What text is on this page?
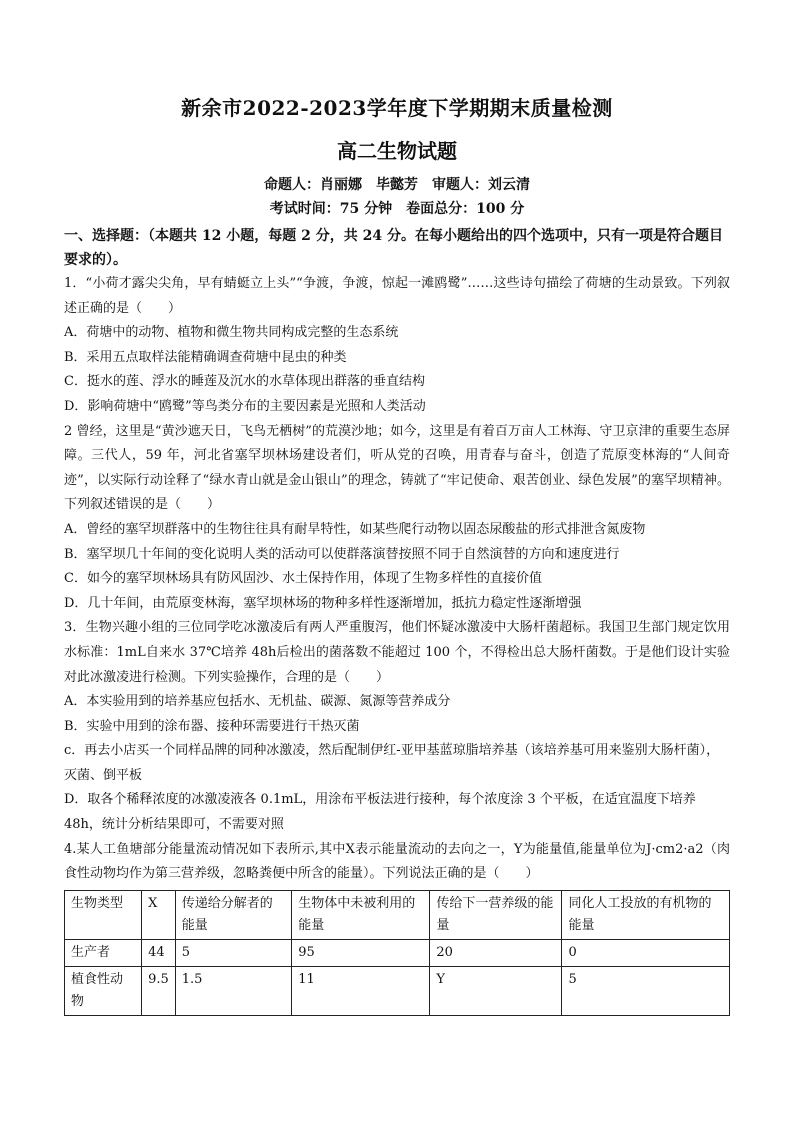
新余市2022-2023学年度下学期期末质量检测
高二生物试题

命题人：肖丽娜　毕懿芳　审题人：刘云清

考试时间：75 分钟　卷面总分：100 分

一、选择题：（本题共 12 小题，每题 2 分，共 24 分。在每小题给出的四个选项中，只有一项是符合题目要求的）。

1．“小荷才露尖尖角，早有蜻蜓立上头”“争渡，争渡，惊起一滩鸥鹭”……这些诗句描绘了荷塘的生动景致。下列叙述正确的是（　　）

A．荷塘中的动物、植物和微生物共同构成完整的生态系统

B．采用五点取样法能精确调查荷塘中昆虫的种类

C．挺水的莲、浮水的睡莲及沉水的水草体现出群落的垂直结构

D．影响荷塘中“鸥鹭”等鸟类分布的主要因素是光照和人类活动

2 曾经，这里是“黄沙遮天日，飞鸟无栖树”的荒漠沙地；如今，这里是有着百万亩人工林海、守卫京津的重要生态屏障。三代人，59 年，河北省塞罕坝林场建设者们，听从党的召唤，用青春与奋斗，创造了荒原变林海的“人间奇迹”，以实际行动诠释了“绿水青山就是金山银山”的理念，铸就了“牢记使命、艰苦创业、绿色发展”的塞罕坝精神。下列叙述错误的是（　　）

A．曾经的塞罕坝群落中的生物往往具有耐旱特性，如某些爬行动物以固态尿酸盐的形式排泄含氮废物

B．塞罕坝几十年间的变化说明人类的活动可以使群落演替按照不同于自然演替的方向和速度进行

C．如今的塞罕坝林场具有防风固沙、水土保持作用，体现了生物多样性的直接价值

D．几十年间，由荒原变林海，塞罕坝林场的物种多样性逐渐增加，抵抗力稳定性逐渐增强

3．生物兴趣小组的三位同学吃冰激凌后有两人严重腹泻，他们怀疑冰激凌中大肠杆菌超标。我国卫生部门规定饮用水标准：1mL自来水 37℃培养 48h后检出的菌落数不能超过 100 个，不得检出总大肠杆菌数。于是他们设计实验对此冰激凌进行检测。下列实验操作，合理的是（　　）

A．本实验用到的培养基应包括水、无机盐、碳源、氮源等营养成分

B．实验中用到的涂布器、接种环需要进行干热灭菌

c．再去小店买一个同样品牌的同种冰激凌，然后配制伊红-亚甲基蓝琼脂培养基（该培养基可用来鉴别大肠杆菌），灭菌、倒平板

D．取各个稀释浓度的冰激凌液各 0.1mL，用涂布平板法进行接种，每个浓度涂 3 个平板，在适宜温度下培养 48h，统计分析结果即可，不需要对照

4.某人工鱼塘部分能量流动情况如下表所示,其中X表示能量流动的去向之一，Y为能量值,能量单位为J·cm2·a2（肉食性动物均作为第三营养级，忽略粪便中所含的能量）。下列说法正确的是（　　）

生物类型	X	传递给分解者的能量	生物体中未被利用的能量	传给下一营养级的能量	同化人工投放的有机物的能量
生产者	44	5	95	20	0
植食性动物	9.5	1.5	11	Y	5
